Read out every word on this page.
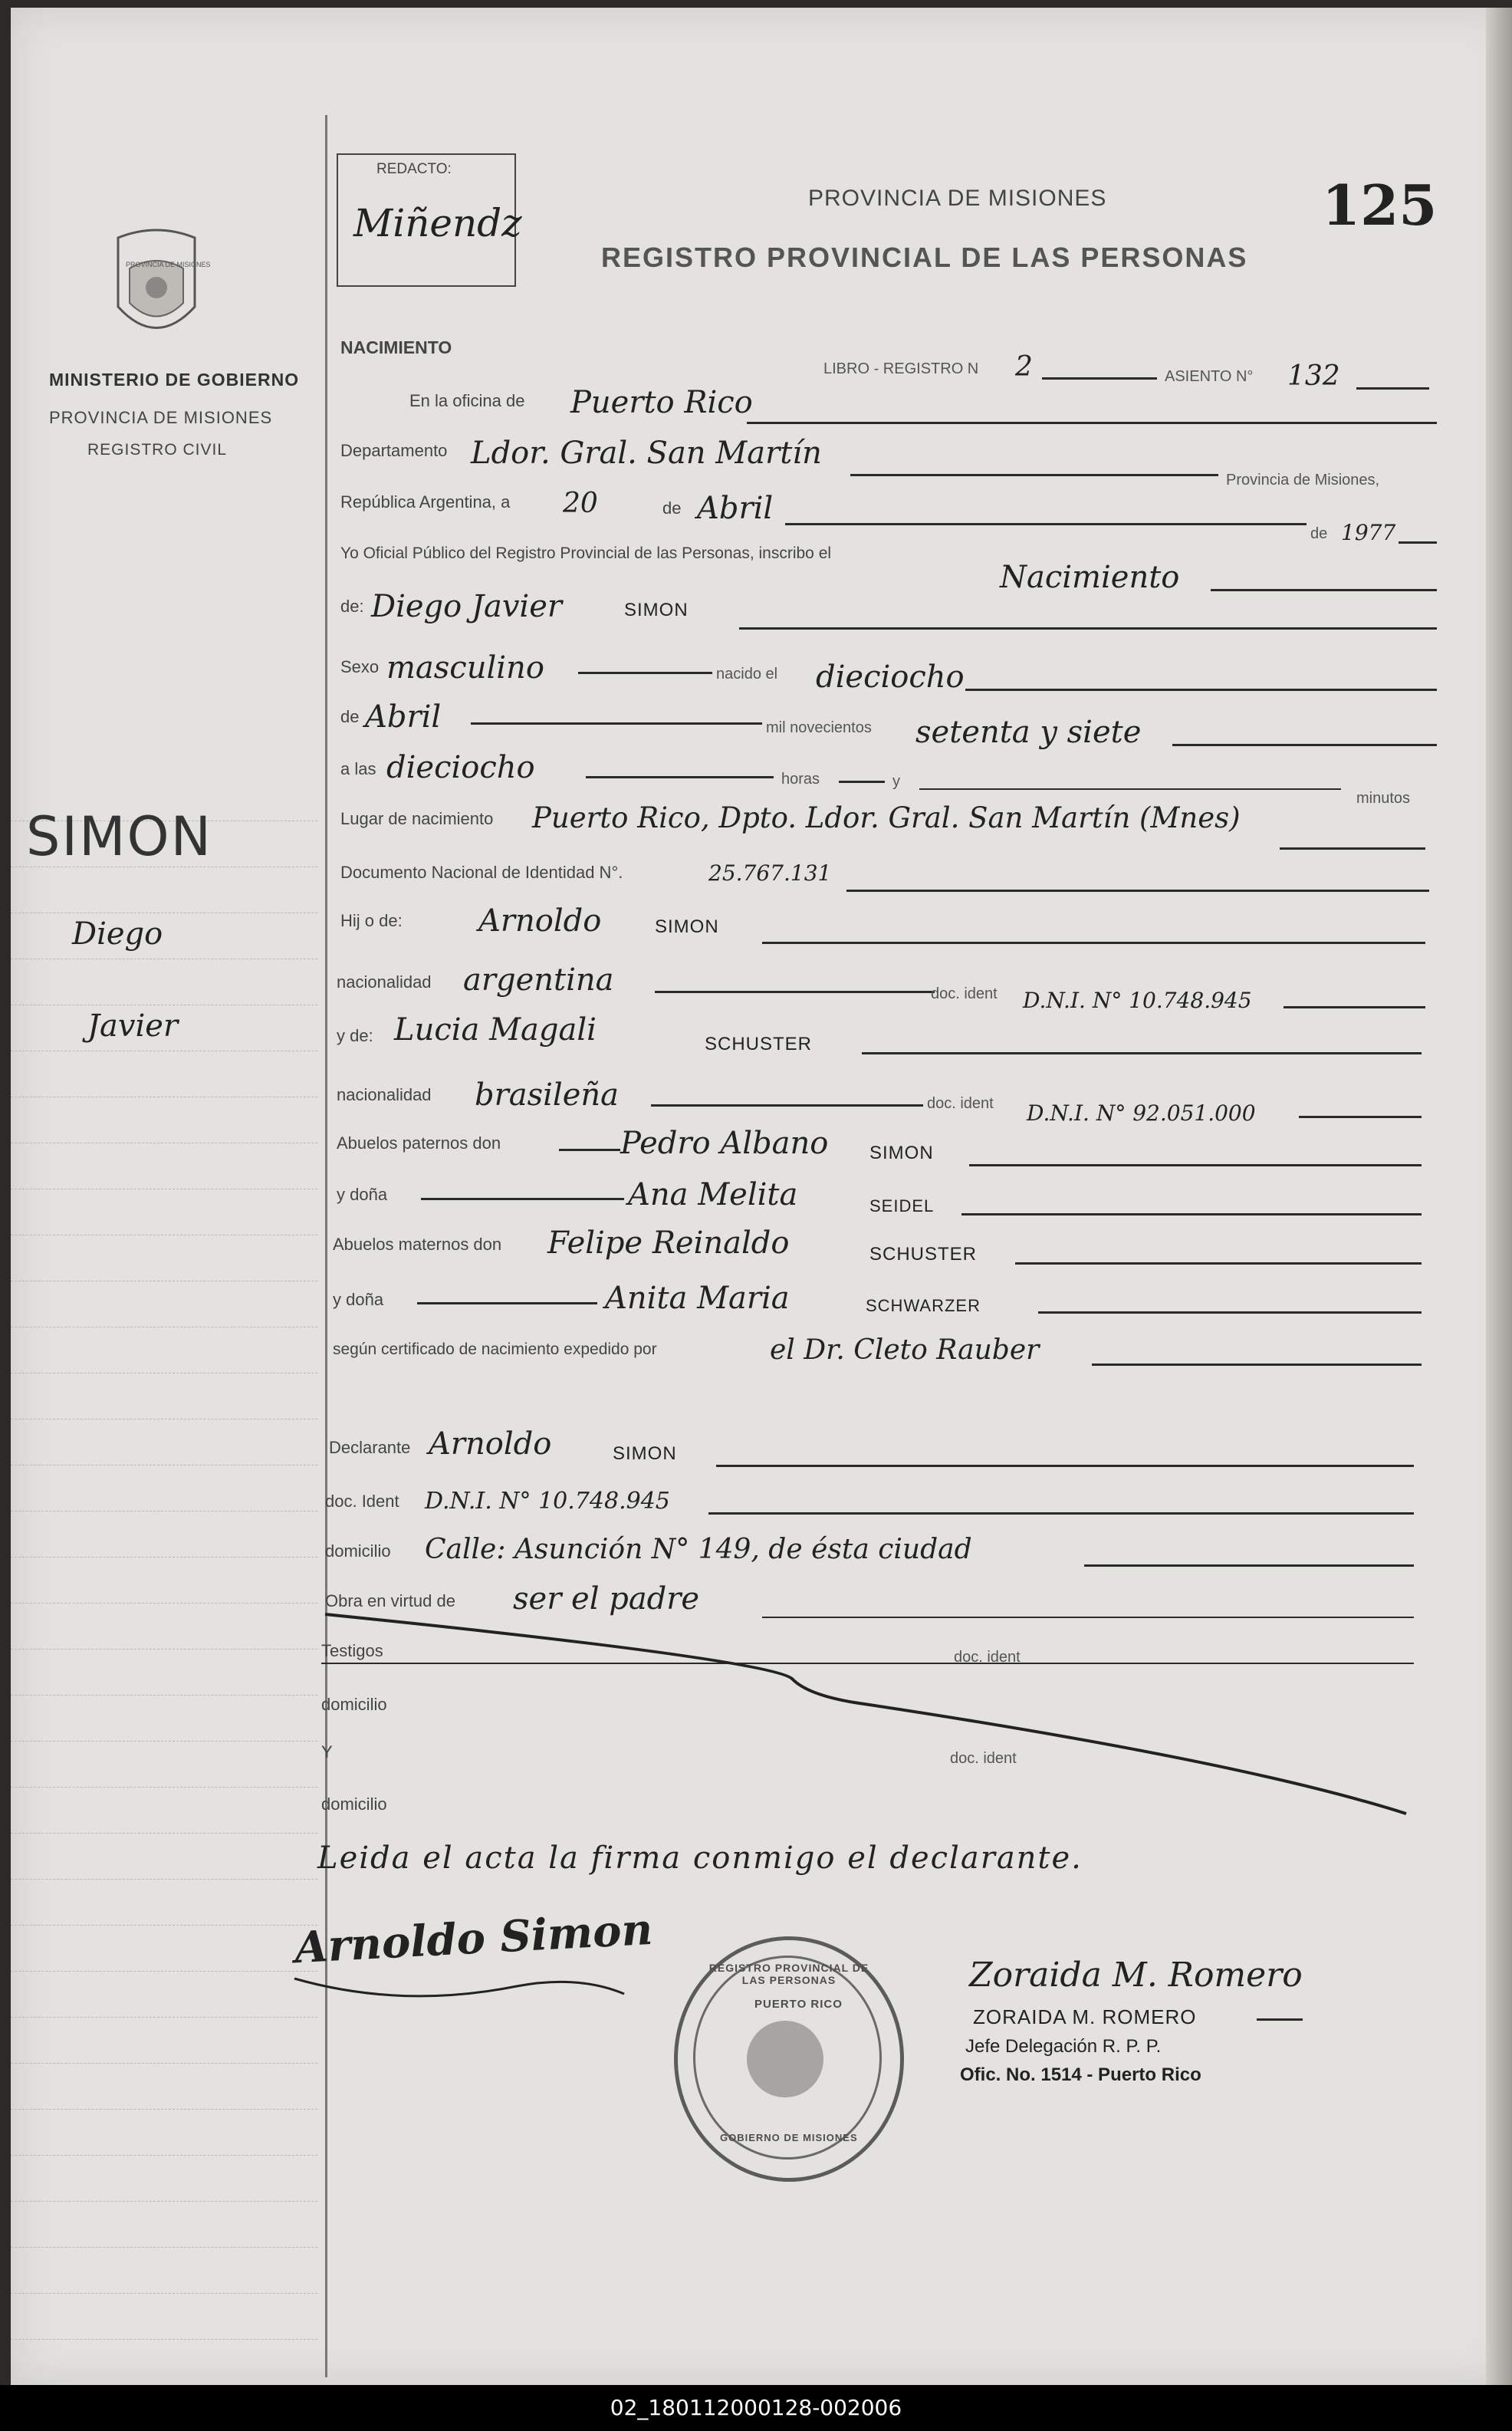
PROVINCIA DE MISIONES
MINISTERIO DE GOBIERNO
PROVINCIA DE MISIONES
REGISTRO CIVIL
SIMON
Diego
Javier
REDACTO:
Miñendz
PROVINCIA DE MISIONES
REGISTRO PROVINCIAL DE LAS PERSONAS
125
NACIMIENTO
LIBRO - REGISTRO N 2	ASIENTO N° 132
En la oficina de Puerto Rico
Departamento Ldor. Gral. San Martín
Provincia de Misiones,
República Argentina, a 20	de Abril
de 1977
Yo Oficial Público del Registro Provincial de las Personas, inscribo el
Nacimiento
de: Diego Javier	SIMON
Sexo masculino	nacido el dieciocho
de Abril	mil novecientos setenta y siete
a las dieciocho	horas	y
minutos
Lugar de nacimiento Puerto Rico, Dpto. Ldor. Gral. San Martín (Mnes)
Documento Nacional de Identidad N°.	25.767.131
Hij o de: Arnoldo	SIMON
nacionalidad argentina	doc. ident D.N.I. N° 10.748.945
y de: Lucia Magali	SCHUSTER
nacionalidad brasileña	doc. ident D.N.I. N° 92.051.000
Abuelos paternos don	Pedro Albano SIMON
y doña	Ana Melita	SEIDEL
Abuelos maternos don Felipe Reinaldo	SCHUSTER
y doña	Anita Maria	SCHWARZER
según certificado de nacimiento expedido por	el Dr. Cleto Rauber
Declarante Arnoldo	SIMON
doc. Ident D.N.I. N° 10.748.945
domicilio Calle: Asunción N° 149, de ésta ciudad
Obra en virtud de ser el padre
Testigos	doc. ident
domicilio
Y	doc. ident
domicilio
Leida el acta la firma conmigo el declarante.
Arnoldo Simon	REGISTRO PROVINCIAL DE LAS PERSONAS
PUERTO RICO
GOBIERNO DE MISIONES
Zoraida M. Romero
ZORAIDA M. ROMERO
Jefe Delegación R. P. P.
Ofic. No. 1514 - Puerto Rico
02_180112000128-002006
